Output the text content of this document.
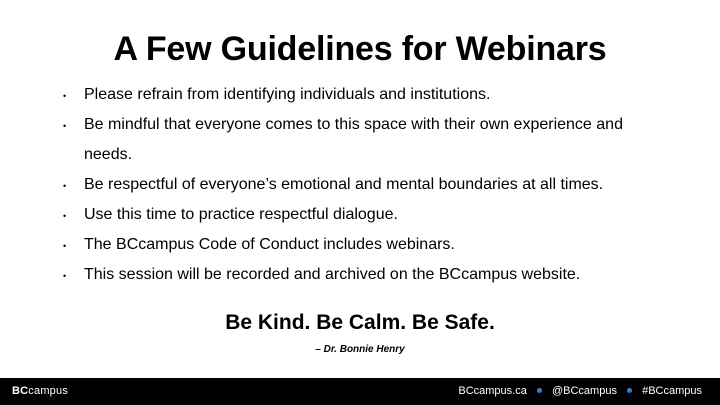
A Few Guidelines for Webinars
• Please refrain from identifying individuals and institutions.
• Be mindful that everyone comes to this space with their own experience and needs.
• Be respectful of everyone’s emotional and mental boundaries at all times.
• Use this time to practice respectful dialogue.
• The BCcampus Code of Conduct includes webinars.
• This session will be recorded and archived on the BCcampus website.
Be Kind. Be Calm. Be Safe.
– Dr. Bonnie Henry
BCcampus	BCcampus.ca @BCcampus #BCcampus
